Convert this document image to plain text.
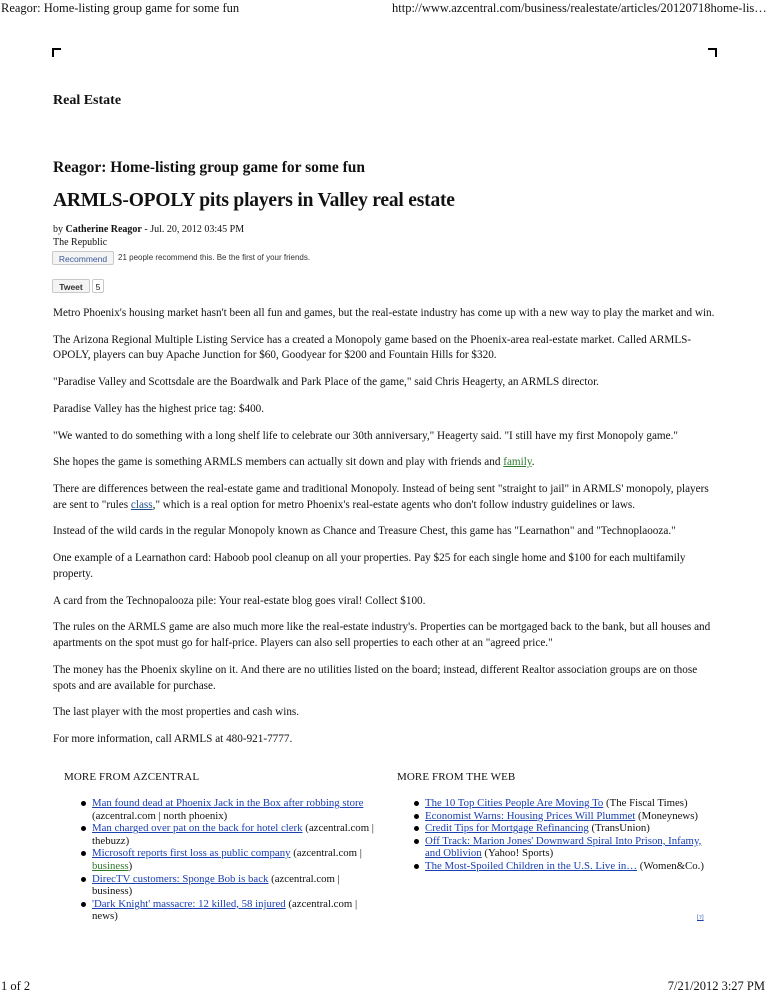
Reagor: Home-listing group game for some fun	http://www.azcentral.com/business/realestate/articles/20120718home-list...
Real Estate
Reagor: Home-listing group game for some fun
ARMLS-OPOLY pits players in Valley real estate
by Catherine Reagor - Jul. 20, 2012 03:45 PM
The Republic
Recommend	21 people recommend this. Be the first of your friends.
Tweet	5

Metro Phoenix's housing market hasn't been all fun and games, but the real-estate industry has come up with a new way to play the market and win.

The Arizona Regional Multiple Listing Service has a created a Monopoly game based on the Phoenix-area real-estate market. Called ARMLS-OPOLY, players can buy Apache Junction for $60, Goodyear for $200 and Fountain Hills for $320.

"Paradise Valley and Scottsdale are the Boardwalk and Park Place of the game," said Chris Heagerty, an ARMLS director.

Paradise Valley has the highest price tag: $400.

"We wanted to do something with a long shelf life to celebrate our 30th anniversary," Heagerty said. "I still have my first Monopoly game."

She hopes the game is something ARMLS members can actually sit down and play with friends and family.

There are differences between the real-estate game and traditional Monopoly. Instead of being sent "straight to jail" in ARMLS' monopoly, players are sent to "rules class," which is a real option for metro Phoenix's real-estate agents who don't follow industry guidelines or laws.

Instead of the wild cards in the regular Monopoly known as Chance and Treasure Chest, this game has "Learnathon" and "Technoplaooza."

One example of a Learnathon card: Haboob pool cleanup on all your properties. Pay $25 for each single home and $100 for each multifamily property.

A card from the Technopalooza pile: Your real-estate blog goes viral! Collect $100.

The rules on the ARMLS game are also much more like the real-estate industry's. Properties can be mortgaged back to the bank, but all houses and apartments on the spot must go for half-price. Players can also sell properties to each other at an "agreed price."

The money has the Phoenix skyline on it. And there are no utilities listed on the board; instead, different Realtor association groups are on those spots and are available for purchase.

The last player with the most properties and cash wins.

For more information, call ARMLS at 480-921-7777.

MORE FROM AZCENTRAL
Man found dead at Phoenix Jack in the Box after robbing store (azcentral.com | north phoenix)
Man charged over pat on the back for hotel clerk (azcentral.com | thebuzz)
Microsoft reports first loss as public company (azcentral.com | business)
DirecTV customers: Sponge Bob is back (azcentral.com | business)
'Dark Knight' massacre: 12 killed, 58 injured (azcentral.com | news)
MORE FROM THE WEB
The 10 Top Cities People Are Moving To (The Fiscal Times)
Economist Warns: Housing Prices Will Plummet (Moneynews)
Credit Tips for Mortgage Refinancing (TransUnion)
Off Track: Marion Jones' Downward Spiral Into Prison, Infamy, and Oblivion (Yahoo! Sports)
The Most-Spoiled Children in the U.S. Live in… (Women&Co.)
[?]
1 of 2	7/21/2012 3:27 PM
